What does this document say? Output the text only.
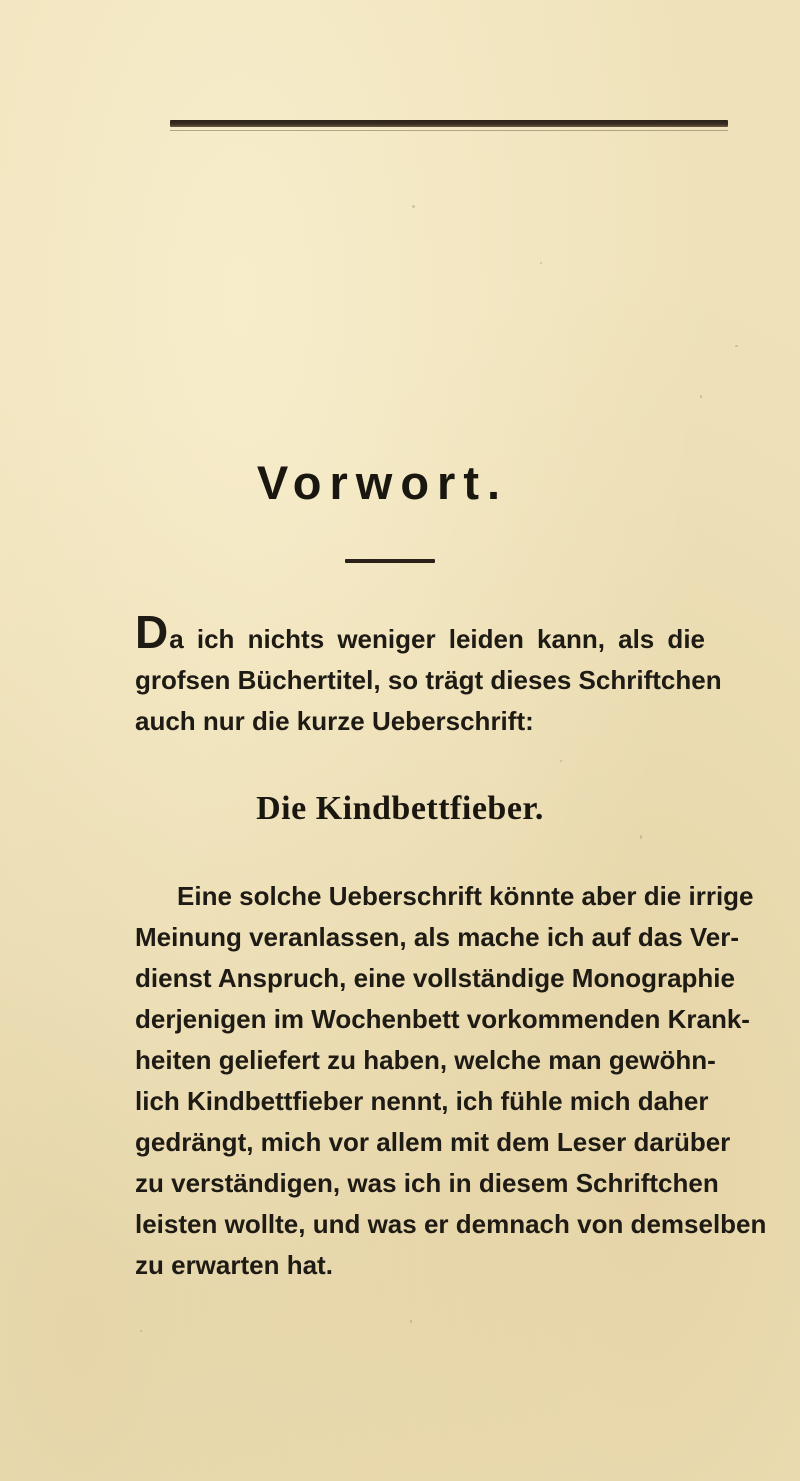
Vorwort.
Da ich nichts weniger leiden kann, als die
grofsen Büchertitel, so trägt dieses Schriftchen
auch nur die kurze Ueberschrift:
Die Kindbettfieber.
Eine solche Ueberschrift könnte aber die irrige
Meinung veranlassen, als mache ich auf das Ver-
dienst Anspruch, eine vollständige Monographie
derjenigen im Wochenbett vorkommenden Krank-
heiten geliefert zu haben, welche man gewöhn-
lich Kindbettfieber nennt, ich fühle mich daher
gedrängt, mich vor allem mit dem Leser darüber
zu verständigen, was ich in diesem Schriftchen
leisten wollte, und was er demnach von demselben
zu erwarten hat.
